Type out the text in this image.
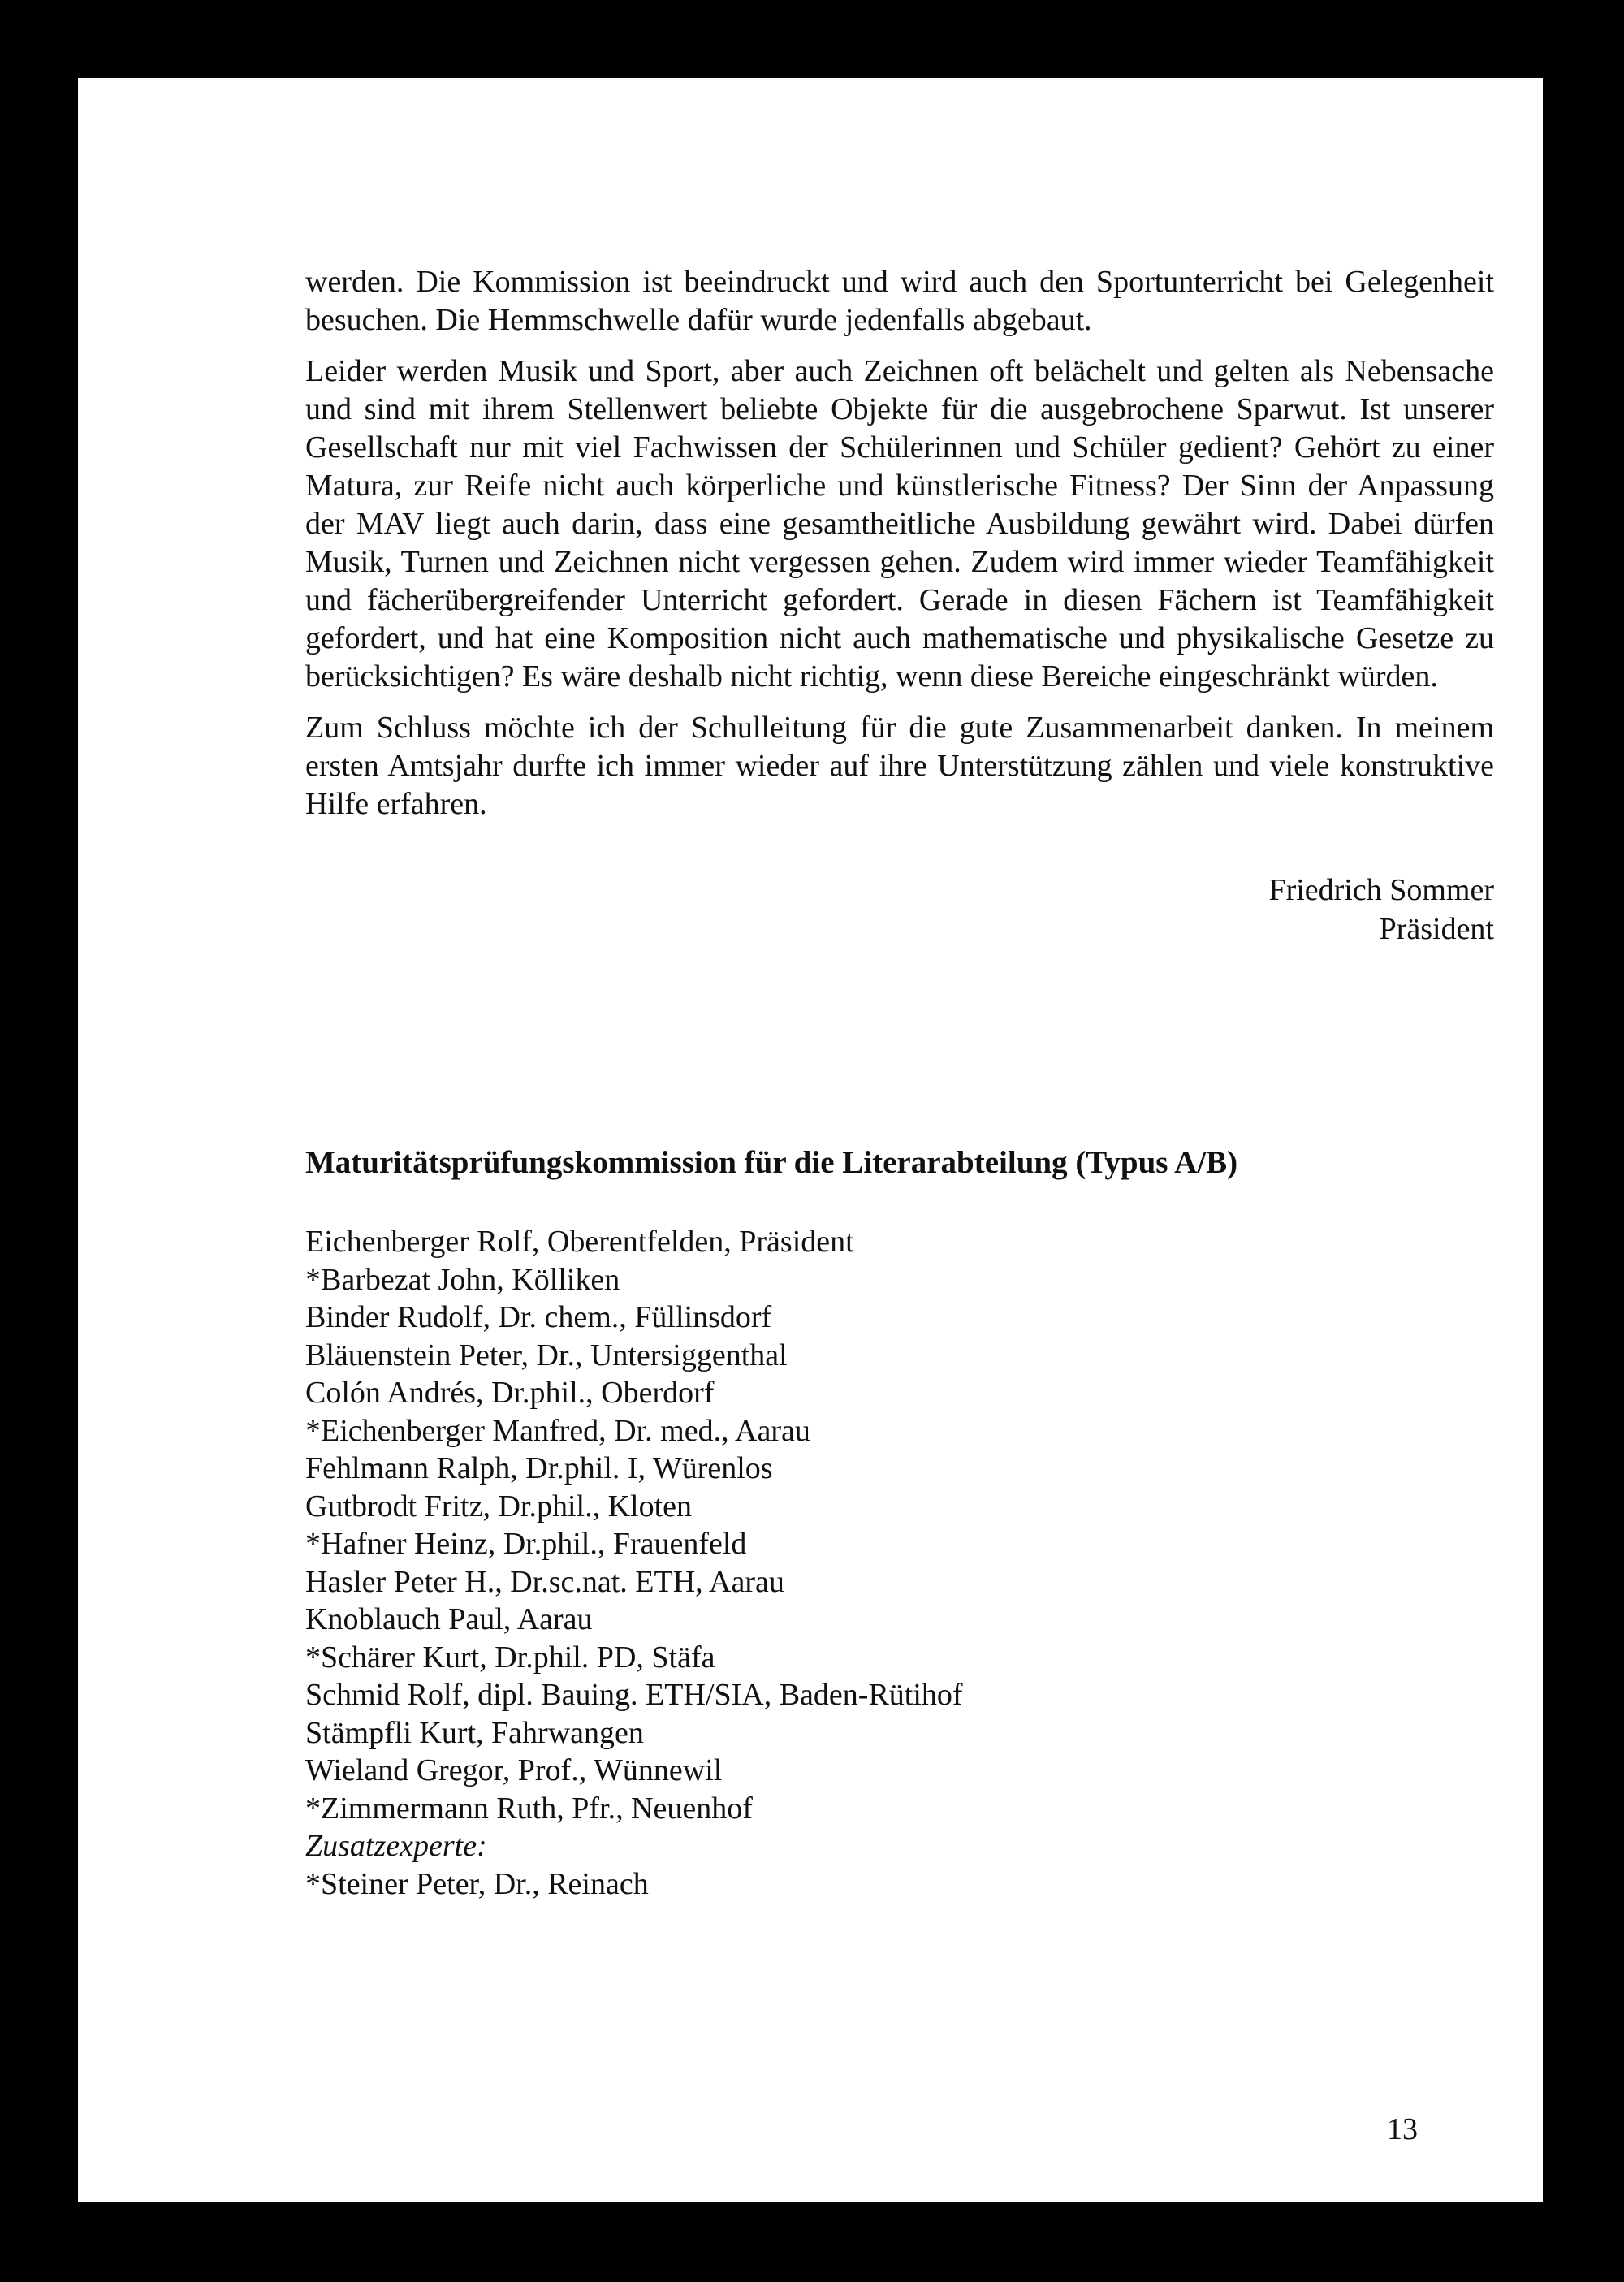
werden. Die Kommission ist beeindruckt und wird auch den Sportunterricht bei Gelegenheit besuchen. Die Hemmschwelle dafür wurde jedenfalls abgebaut.

Leider werden Musik und Sport, aber auch Zeichnen oft belächelt und gelten als Nebensache und sind mit ihrem Stellenwert beliebte Objekte für die ausgebrochene Sparwut. Ist unserer Gesellschaft nur mit viel Fachwissen der Schülerinnen und Schüler gedient? Gehört zu einer Matura, zur Reife nicht auch körperliche und künstlerische Fitness? Der Sinn der Anpassung der MAV liegt auch darin, dass eine gesamtheitliche Ausbildung gewährt wird. Dabei dürfen Musik, Turnen und Zeichnen nicht vergessen gehen. Zudem wird immer wieder Teamfähigkeit und fächerübergreifender Unterricht gefordert. Gerade in diesen Fächern ist Teamfähigkeit gefordert, und hat eine Komposition nicht auch mathematische und physikalische Gesetze zu berücksichtigen? Es wäre deshalb nicht richtig, wenn diese Bereiche eingeschränkt würden.

Zum Schluss möchte ich der Schulleitung für die gute Zusammenarbeit danken. In meinem ersten Amtsjahr durfte ich immer wieder auf ihre Unterstützung zählen und viele konstruktive Hilfe erfahren.

Friedrich Sommer
Präsident
Maturitätsprüfungskommission für die Literarabteilung (Typus A/B)
Eichenberger Rolf, Oberentfelden, Präsident
*Barbezat John, Kölliken
Binder Rudolf, Dr. chem., Füllinsdorf
Bläuenstein Peter, Dr., Untersiggenthal
Colón Andrés, Dr.phil., Oberdorf
*Eichenberger Manfred, Dr. med., Aarau
Fehlmann Ralph, Dr.phil. I, Würenlos
Gutbrodt Fritz, Dr.phil., Kloten
*Hafner Heinz, Dr.phil., Frauenfeld
Hasler Peter H., Dr.sc.nat. ETH, Aarau
Knoblauch Paul, Aarau
*Schärer Kurt, Dr.phil. PD, Stäfa
Schmid Rolf, dipl. Bauing. ETH/SIA, Baden-Rütihof
Stämpfli Kurt, Fahrwangen
Wieland Gregor, Prof., Wünnewil
*Zimmermann Ruth, Pfr., Neuenhof
Zusatzexperte:
*Steiner Peter, Dr., Reinach
13
